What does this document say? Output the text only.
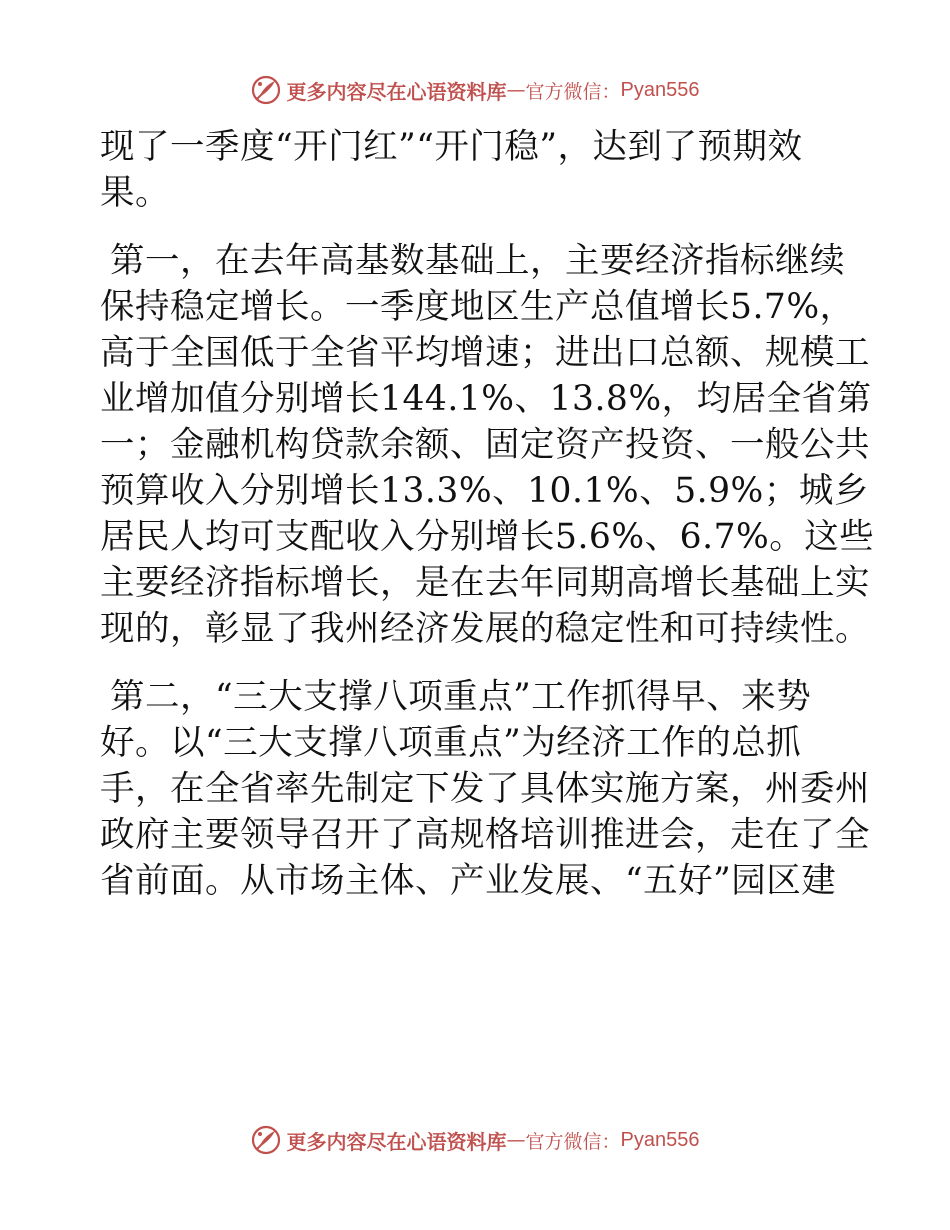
更多内容尽在心语资料库 — 官方微信： Pyan556
现了一季度“开门红”“开门稳”，达到了预期效
果。
第一，在去年高基数基础上，主要经济指标继续
保持稳定增长。一季度地区生产总值增长5.7%，
高于全国低于全省平均增速；进出口总额、规模工
业增加值分别增长144.1%、13.8%，均居全省第
一；金融机构贷款余额、固定资产投资、一般公共
预算收入分别增长13.3%、10.1%、5.9%；城乡
居民人均可支配收入分别增长5.6%、6.7%。这些
主要经济指标增长，是在去年同期高增长基础上实
现的，彰显了我州经济发展的稳定性和可持续性。
第二，“三大支撑八项重点”工作抓得早、来势
好。以“三大支撑八项重点”为经济工作的总抓
手，在全省率先制定下发了具体实施方案，州委州
政府主要领导召开了高规格培训推进会，走在了全
省前面。从市场主体、产业发展、“五好”园区建
更多内容尽在心语资料库 — 官方微信： Pyan556
